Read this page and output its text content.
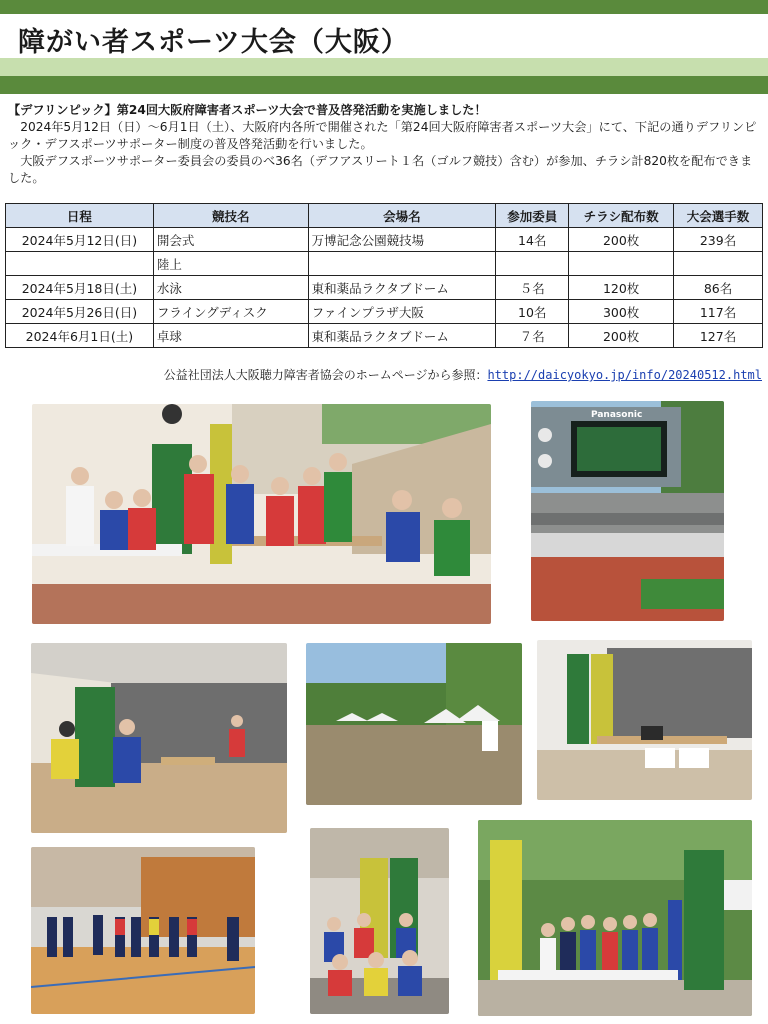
障がい者スポーツ大会（大阪）

【デフリンピック】第24回大阪府障害者スポーツ大会で普及啓発活動を実施しました！

2024年5月12日（日）～6月1日（土）、大阪府内各所で開催された「第24回大阪府障害者スポーツ大会」にて、下記の通りデフリンピック・デフスポーツサポーター制度の普及啓発活動を行いました。

大阪デフスポーツサポーター委員会の委員のべ36名（デフアスリート１名（ゴルフ競技）含む）が参加、チラシ計820枚を配布できました。

日程	競技名	会場名	参加委員	チラシ配布数	大会選手数
2024年5月12日(日)	開会式	万博記念公園競技場	14名	200枚	239名
	陸上				
2024年5月18日(土)	水泳	東和薬品ラクタブドーム	５名	120枚	86名
2024年5月26日(日)	フライングディスク	ファインプラザ大阪	10名	300枚	117名
2024年6月1日(土)	卓球	東和薬品ラクタブドーム	７名	200枚	127名
公益社団法人大阪聴力障害者協会のホームページから参照：http://daicyokyo.jp/info/20240512.html
Panasonic
